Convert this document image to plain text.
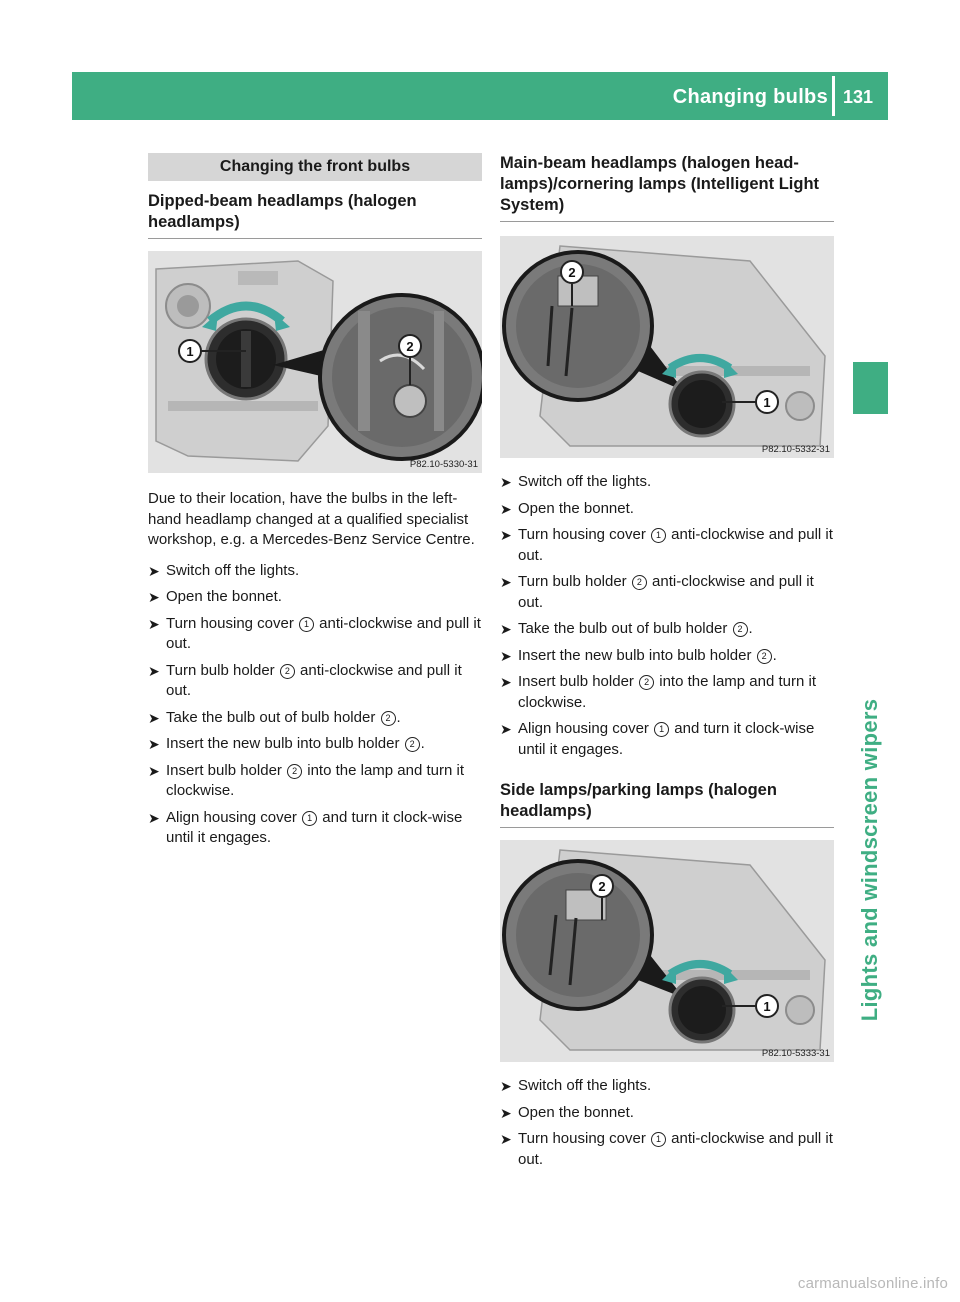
Changing bulbs 131
Lights and windscreen wipers
Changing the front bulbs
Dipped-beam headlamps (halogen headlamps)
1	2
P82.10-5330-31
Due to their location, have the bulbs in the left-hand headlamp changed at a qualified specialist workshop, e.g. a Mercedes-Benz Service Centre.
➤ Switch off the lights.
➤ Open the bonnet.
➤ Turn housing cover 1 anti-clockwise and pull it out.
➤ Turn bulb holder 2 anti-clockwise and pull it out.
➤ Take the bulb out of bulb holder 2 .
➤ Insert the new bulb into bulb holder 2 .
➤ Insert bulb holder 2 into the lamp and turn it clockwise.
➤ Align housing cover 1 and turn it clock-wise until it engages.
Main-beam headlamps (halogen head-lamps)/cornering lamps (Intelligent Light System)
1
2
P82.10-5332-31
➤ Switch off the lights.
➤ Open the bonnet.
➤ Turn housing cover 1 anti-clockwise and pull it out.
➤ Turn bulb holder 2 anti-clockwise and pull it out.
➤ Take the bulb out of bulb holder 2 .
➤ Insert the new bulb into bulb holder 2 .
➤ Insert bulb holder 2 into the lamp and turn it clockwise.
➤ Align housing cover 1 and turn it clock-wise until it engages.
Side lamps/parking lamps (halogen headlamps)
1
2
P82.10-5333-31
➤ Switch off the lights.
➤ Open the bonnet.
➤ Turn housing cover 1 anti-clockwise and pull it out.
carmanualsonline.info
